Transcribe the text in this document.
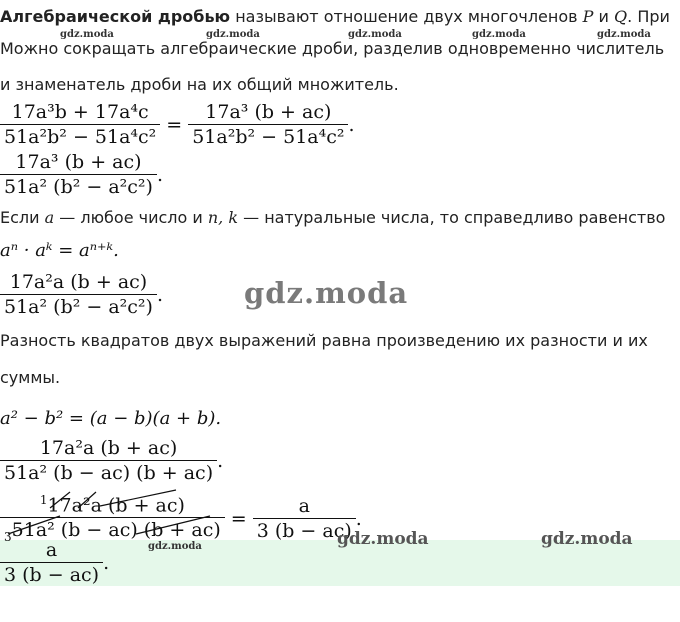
Алгебраической дробью называют отношение двух многочленов P и Q. При
Можно сокращать алгебраические дроби, разделив одновременно числитель
и знаменатель дроби на их общий множитель.
$\frac{\text{17a³b + 17a⁴c}}{\text{51a²b² − 51a⁴c²}} = \frac{\text{17a³ (b + ac)}}{\text{51a²b² − 51a⁴c²}}$ .
$\frac{\text{17a³ (b + ac)}}{\text{51a² (b² − a²c²)}}$ .
Если a — любое число и n, k — натуральные числа, то справедливо равенство
aⁿ · aᵏ = aⁿ⁺ᵏ.
$\frac{\text{17a²a (b + ac)}}{\text{51a² (b² − a²c²)}}$ .
Разность квадратов двух выражений равна произведению их разности и их
суммы.
a² − b² = (a − b)(a + b).
$\frac{\text{17a²a (b + ac)}}{\text{51a² (b − ac) (b + ac)}}$ .
$\frac{^117a^2a (b + ac)}{_351a^2 (b - ac) (b + ac)} = \frac{a}{3 (b - ac)}$ .
$\frac{a}{3 (b - ac)}$ .
gdz.moda	gdz.moda	gdz.moda	gdz.moda	gdz.moda
gdz.moda
gdz.moda	gdz.moda
gdz.moda
